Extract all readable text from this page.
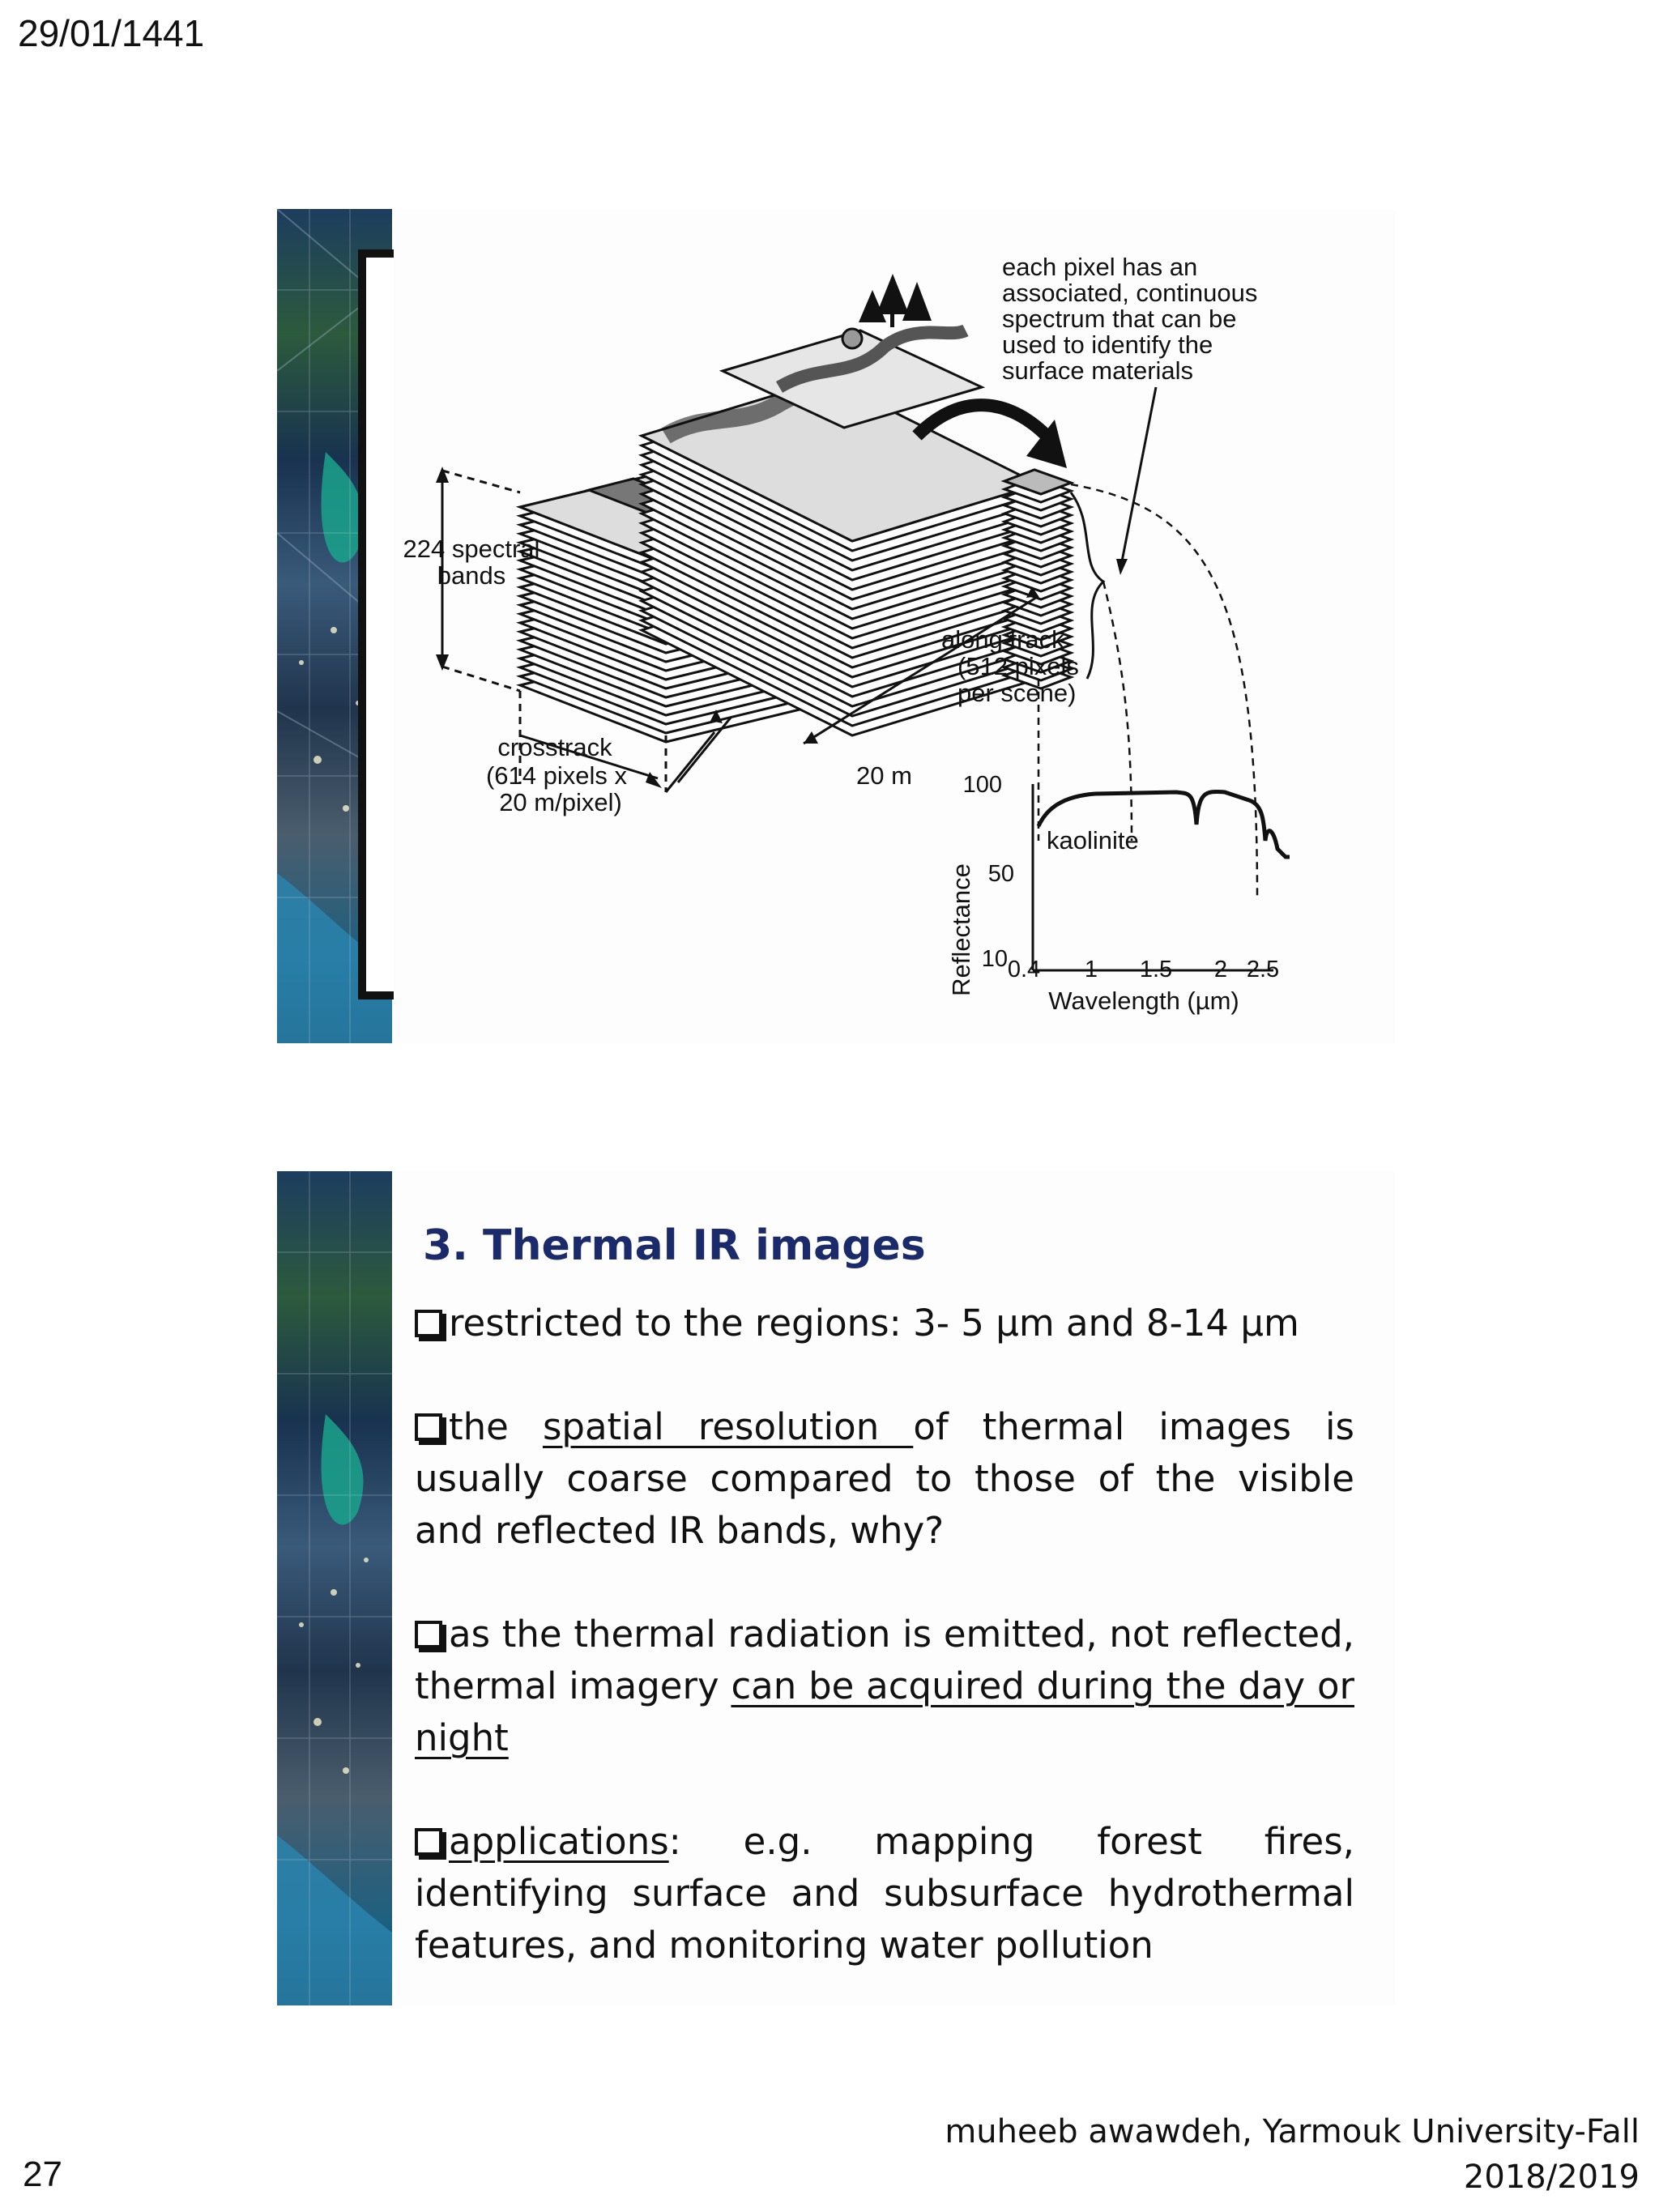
29/01/1441
each pixel has an
associated, continuous
spectrum that can be
used to identify the
surface materials
224 spectral
bands
along track
(512 pixels
per scene)
crosstrack
(614 pixels x
20 m/pixel)
20 m 100
50
10 0.4 1 1.5 2 2.5
kaolinite
Reflectance
Wavelength (µm)
3. Thermal IR images

restricted to the regions: 3- 5 µm and 8-14 µm

the spatial resolution of thermal images is usually coarse compared to those of the visible and reflected IR bands, why?

as the thermal radiation is emitted, not reflected, thermal imagery can be acquired during the day or night

applications: e.g. mapping forest fires, identifying surface and subsurface hydrothermal features, and monitoring water pollution

muheeb awawdeh, Yarmouk University-Fall
2018/2019
27
